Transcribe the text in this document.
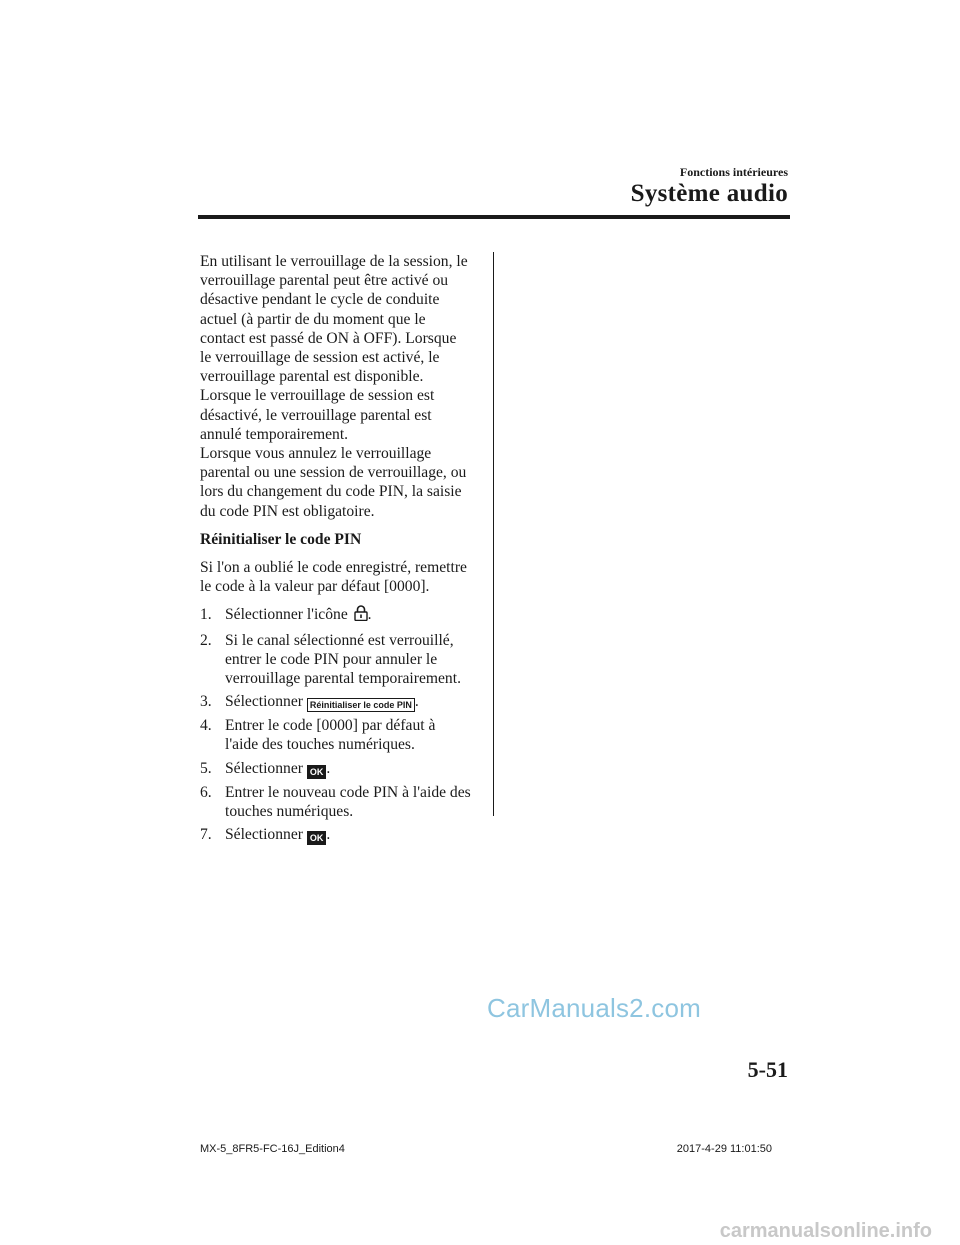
Fonctions intérieures
Système audio
En utilisant le verrouillage de la session, le
verrouillage parental peut être activé ou
désactive pendant le cycle de conduite
actuel (à partir de du moment que le
contact est passé de ON à OFF). Lorsque
le verrouillage de session est activé, le
verrouillage parental est disponible.
Lorsque le verrouillage de session est
désactivé, le verrouillage parental est
annulé temporairement.
Lorsque vous annulez le verrouillage
parental ou une session de verrouillage, ou
lors du changement du code PIN, la saisie
du code PIN est obligatoire.
Réinitialiser le code PIN
Si l'on a oublié le code enregistré, remettre
le code à la valeur par défaut [0000].
1. Sélectionner l'icône .
2. Si le canal sélectionné est verrouillé,
entrer le code PIN pour annuler le
verrouillage parental temporairement.
3. Sélectionner Réinitialiser le code PIN .
4. Entrer le code [0000] par défaut à
l'aide des touches numériques.
5. Sélectionner OK .
6. Entrer le nouveau code PIN à l'aide des
touches numériques.
7. Sélectionner OK .
CarManuals2.com
5-51
MX-5_8FR5-FC-16J_Edition4	2017-4-29 11:01:50
carmanualsonline.info
